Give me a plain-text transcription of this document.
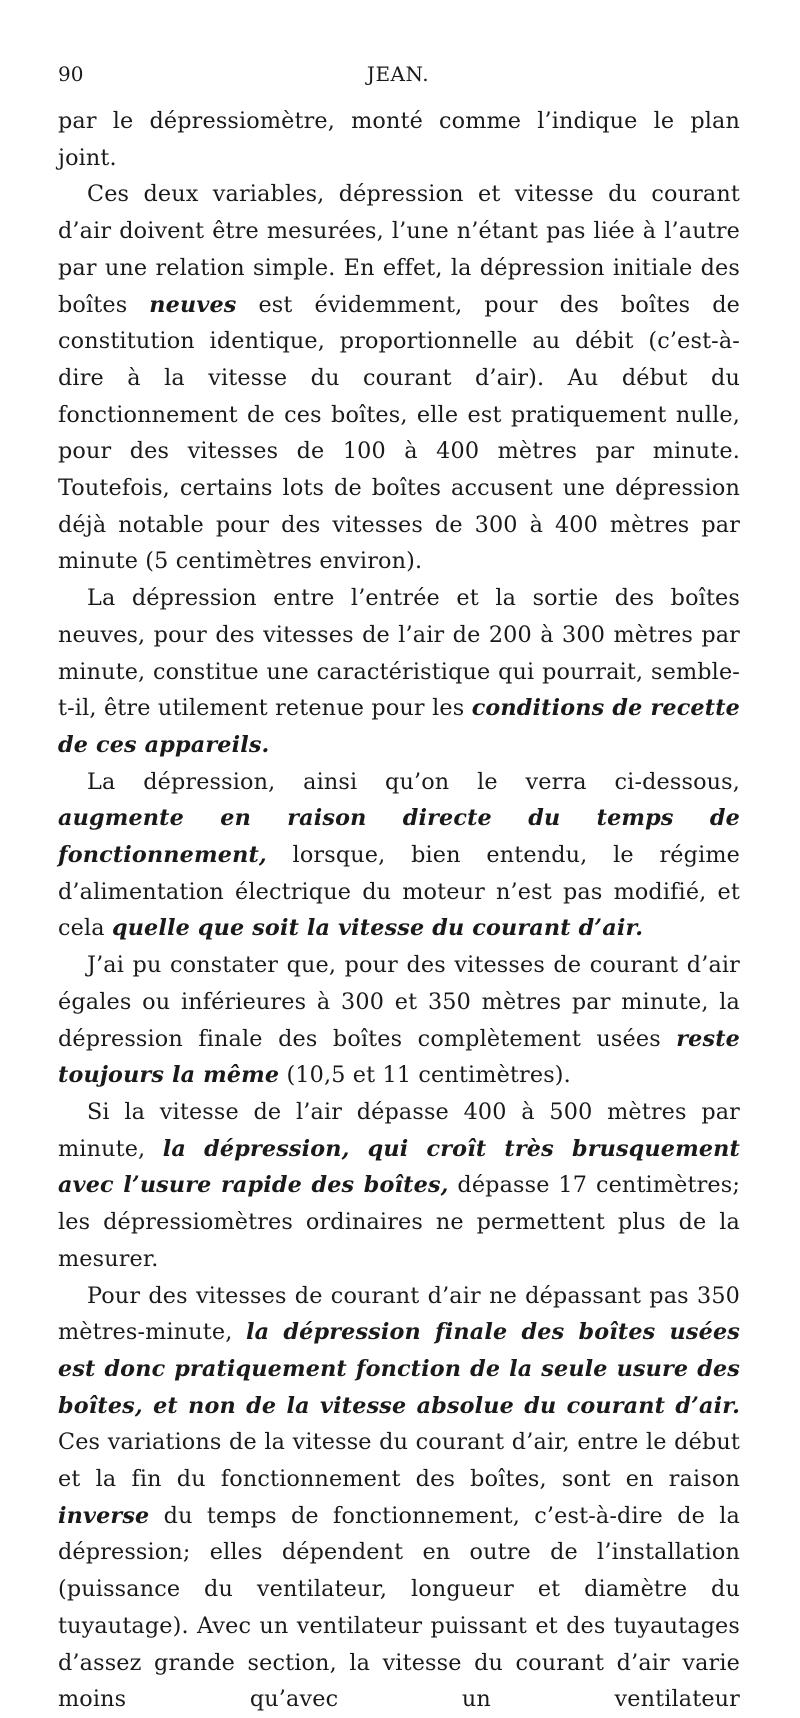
90	JEAN.

par le dépressiomètre, monté comme l’indique le plan joint.

Ces deux variables, dépression et vitesse du courant d’air doivent être mesurées, l’une n’étant pas liée à l’autre par une relation simple. En effet, la dépression initiale des boîtes neuves est évidemment, pour des boîtes de constitution identique, proportionnelle au débit (c’est-à-dire à la vitesse du courant d’air). Au début du fonctionnement de ces boîtes, elle est pratiquement nulle, pour des vitesses de 100 à 400 mètres par minute. Toutefois, certains lots de boîtes accusent une dépression déjà notable pour des vitesses de 300 à 400 mètres par minute (5 centimètres environ).

La dépression entre l’entrée et la sortie des boîtes neuves, pour des vitesses de l’air de 200 à 300 mètres par minute, constitue une caractéristique qui pourrait, semble-t-il, être utilement retenue pour les conditions de recette de ces appareils.

La dépression, ainsi qu’on le verra ci-dessous, augmente en raison directe du temps de fonctionnement, lorsque, bien entendu, le régime d’alimentation électrique du moteur n’est pas modifié, et cela quelle que soit la vitesse du courant d’air.

J’ai pu constater que, pour des vitesses de courant d’air égales ou inférieures à 300 et 350 mètres par minute, la dépression finale des boîtes complètement usées reste toujours la même (10,5 et 11 centimètres).

Si la vitesse de l’air dépasse 400 à 500 mètres par minute, la dépression, qui croît très brusquement avec l’usure rapide des boîtes, dépasse 17 centimètres; les dépressiomètres ordinaires ne permettent plus de la mesurer.

Pour des vitesses de courant d’air ne dépassant pas 350 mètres-minute, la dépression finale des boîtes usées est donc pratiquement fonction de la seule usure des boîtes, et non de la vitesse absolue du courant d’air. Ces variations de la vitesse du courant d’air, entre le début et la fin du fonctionnement des boîtes, sont en raison inverse du temps de fonctionnement, c’est-à-dire de la dépression; elles dépendent en outre de l’installation (puissance du ventilateur, longueur et diamètre du tuyautage). Avec un ventilateur puissant et des tuyautages d’assez grande section, la vitesse du courant d’air varie moins qu’avec un ventilateur
